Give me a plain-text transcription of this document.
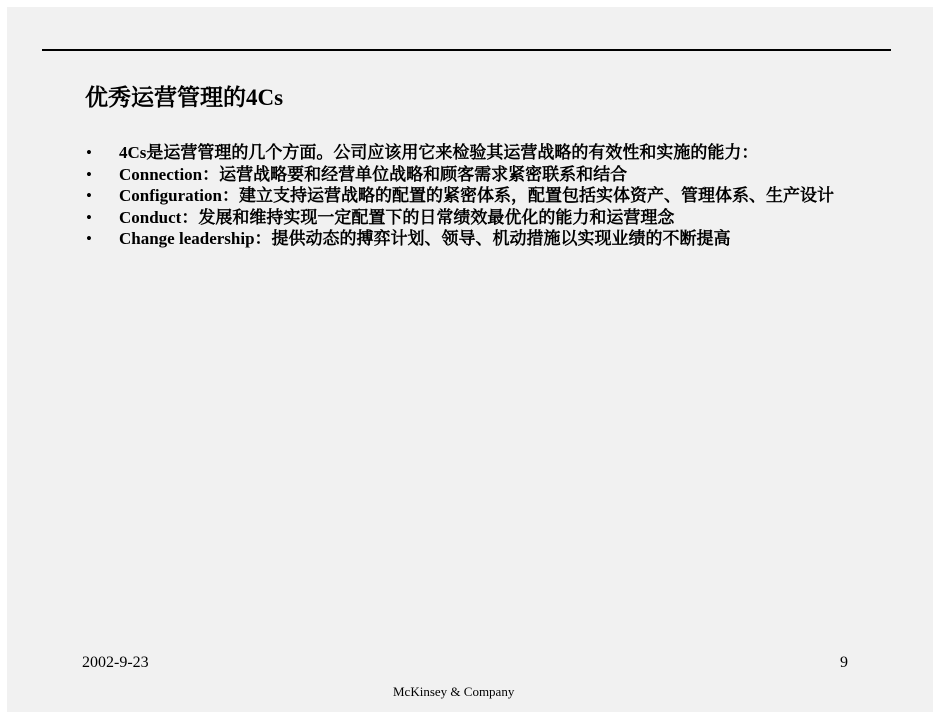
优秀运营管理的4Cs
• 4Cs是运营管理的几个方面。公司应该用它来检验其运营战略的有效性和实施的能力：
• Connection：运营战略要和经营单位战略和顾客需求紧密联系和结合
• Configuration：建立支持运营战略的配置的紧密体系，配置包括实体资产、管理体系、生产设计
• Conduct：发展和维持实现一定配置下的日常绩效最优化的能力和运营理念
• Change leadership：提供动态的搏弈计划、领导、机动措施以实现业绩的不断提高
2002-9-23	9
McKinsey & Company
